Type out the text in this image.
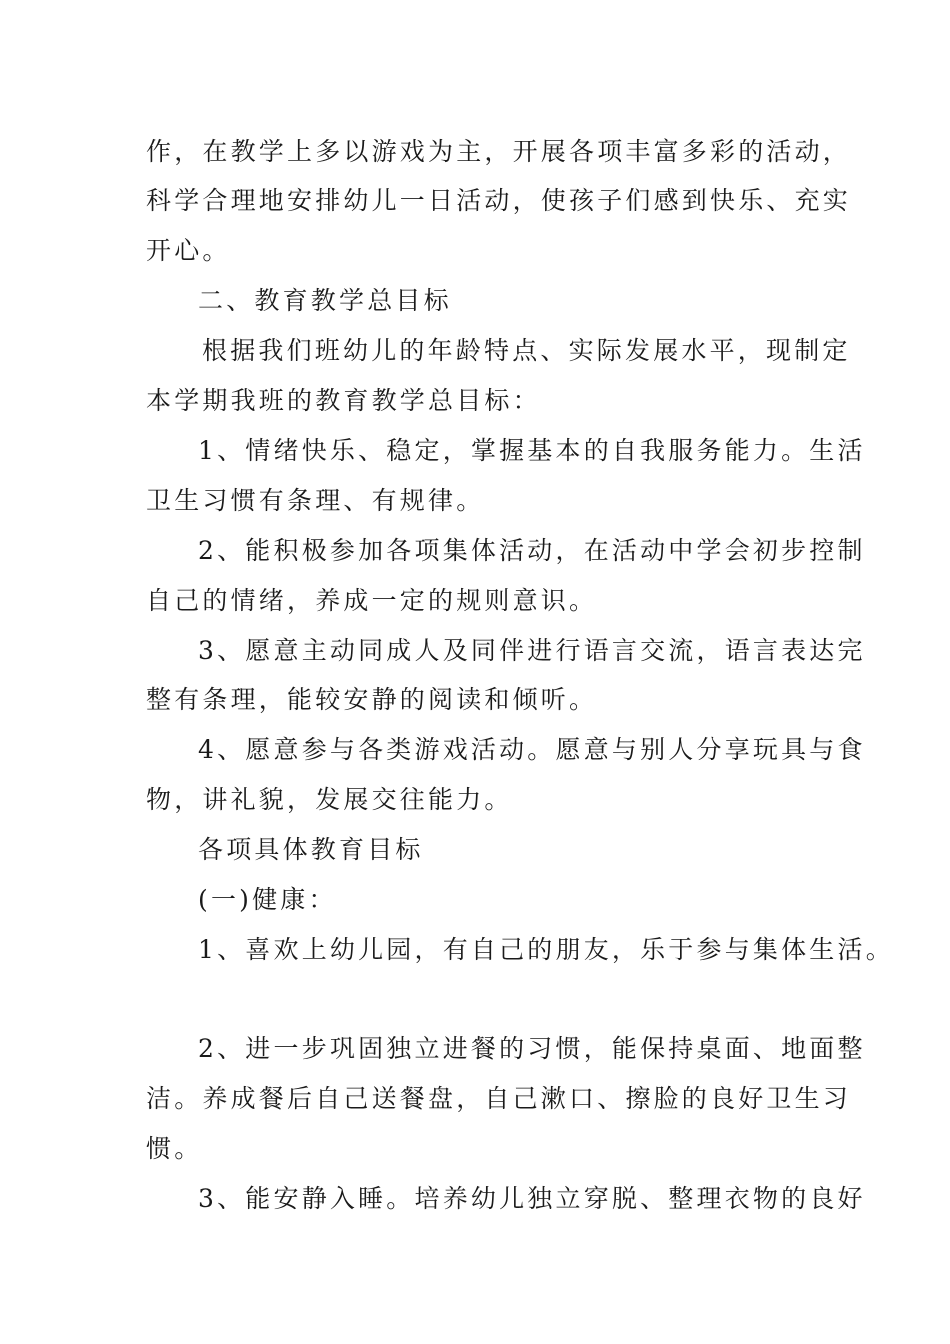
作，在教学上多以游戏为主，开展各项丰富多彩的活动，
科学合理地安排幼儿一日活动，使孩子们感到快乐、充实
开心。
二、教育教学总目标
根据我们班幼儿的年龄特点、实际发展水平，现制定
本学期我班的教育教学总目标：
1、情绪快乐、稳定，掌握基本的自我服务能力。生活
卫生习惯有条理、有规律。
2、能积极参加各项集体活动，在活动中学会初步控制
自己的情绪，养成一定的规则意识。
3、愿意主动同成人及同伴进行语言交流，语言表达完
整有条理，能较安静的阅读和倾听。
4、愿意参与各类游戏活动。愿意与别人分享玩具与食
物，讲礼貌，发展交往能力。
各项具体教育目标
(一)健康：
1、喜欢上幼儿园，有自己的朋友，乐于参与集体生活。
2、进一步巩固独立进餐的习惯，能保持桌面、地面整
洁。养成餐后自己送餐盘，自己漱口、擦脸的良好卫生习
惯。
3、能安静入睡。培养幼儿独立穿脱、整理衣物的良好
